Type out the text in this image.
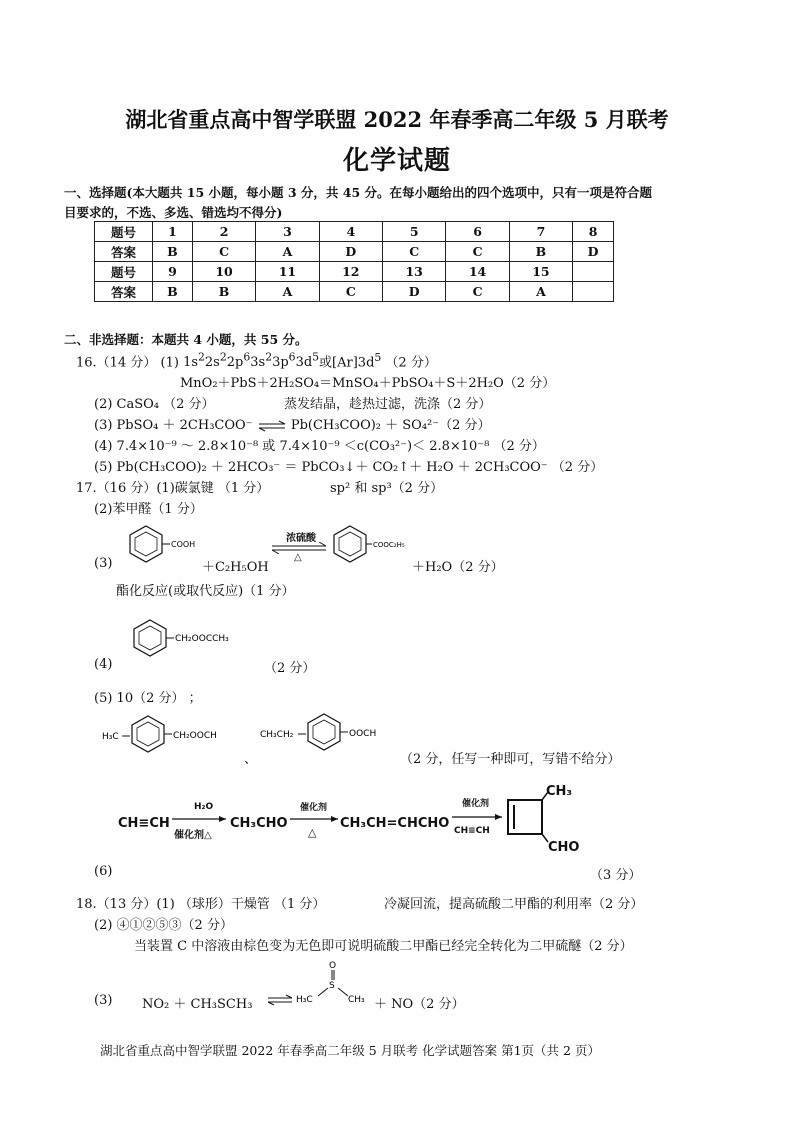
湖北省重点高中智学联盟 2022 年春季高二年级 5 月联考
化学试题
一、选择题(本大题共 15 小题，每小题 3 分，共 45 分。在每小题给出的四个选项中，只有一项是符合题
目要求的，不选、多选、错选均不得分)
题号	1	2	3	4	5	6	7	8
答案	B	C	A	D	C	C	B	D
题号	9	10	11	12	13	14	15	
答案	B	B	A	C	D	C	A	
二、非选择题：本题共 4 小题，共 55 分。
16.（14 分） (1) $1s^22s^22p^63s^23p^63d^5$或$[Ar]3d^5$ （2 分）
MnO₂＋PbS＋2H₂SO₄＝MnSO₄＋PbSO₄＋S＋2H₂O（2 分）
(2) CaSO₄ （2 分）	蒸发结晶，趁热过滤，洗涤（2 分）
(3) PbSO₄ ＋ 2CH₃COO⁻ ⇌ Pb(CH₃COO)₂ ＋ SO₄²⁻（2 分）
(4) 7.4×10⁻⁹ ～ 2.8×10⁻⁸ 或 7.4×10⁻⁹ ＜c(CO₃²⁻)＜ 2.8×10⁻⁸ （2 分）
(5) Pb(CH₃COO)₂ ＋ 2HCO₃⁻ ＝ PbCO₃↓＋ CO₂↑＋ H₂O ＋ 2CH₃COO⁻ （2 分）
17.（16 分）(1)碳氯键 （1 分）	sp² 和 sp³（2 分）
(2)苯甲醛（1 分）
(3)
COOH
＋C₂H₅OH
浓硫酸
△
COOC₂H₅
＋H₂O（2 分）
酯化反应(或取代反应)（1 分）
CH₂OOCCH₃
(4)	（2 分）
(5) 10（2 分） ；
H₃C	CH₂OOCH
、
CH₃CH₂	OOCH
（2 分，任写一种即可，写错不给分）
CH≡CH
H₂O
催化剂△
CH₃CHO
催化剂
△
CH₃CH=CHCHO
催化剂
CH≡CH
CH₃
CHO
(6)	（3 分）
18.（13 分）(1) （球形）干燥管 （1 分）	冷凝回流，提高硫酸二甲酯的利用率（2 分）
(2) ④①②⑤③（2 分）
当装置 C 中溶液由棕色变为无色即可说明硫酸二甲酯已经完全转化为二甲硫醚（2 分）
(3) NO₂ ＋ CH₃SCH₃ ⇌
O
S
H₃C	CH₃ ＋ NO（2 分）
湖北省重点高中智学联盟 2022 年春季高二年级 5 月联考 化学试题答案 第1页（共 2 页）
